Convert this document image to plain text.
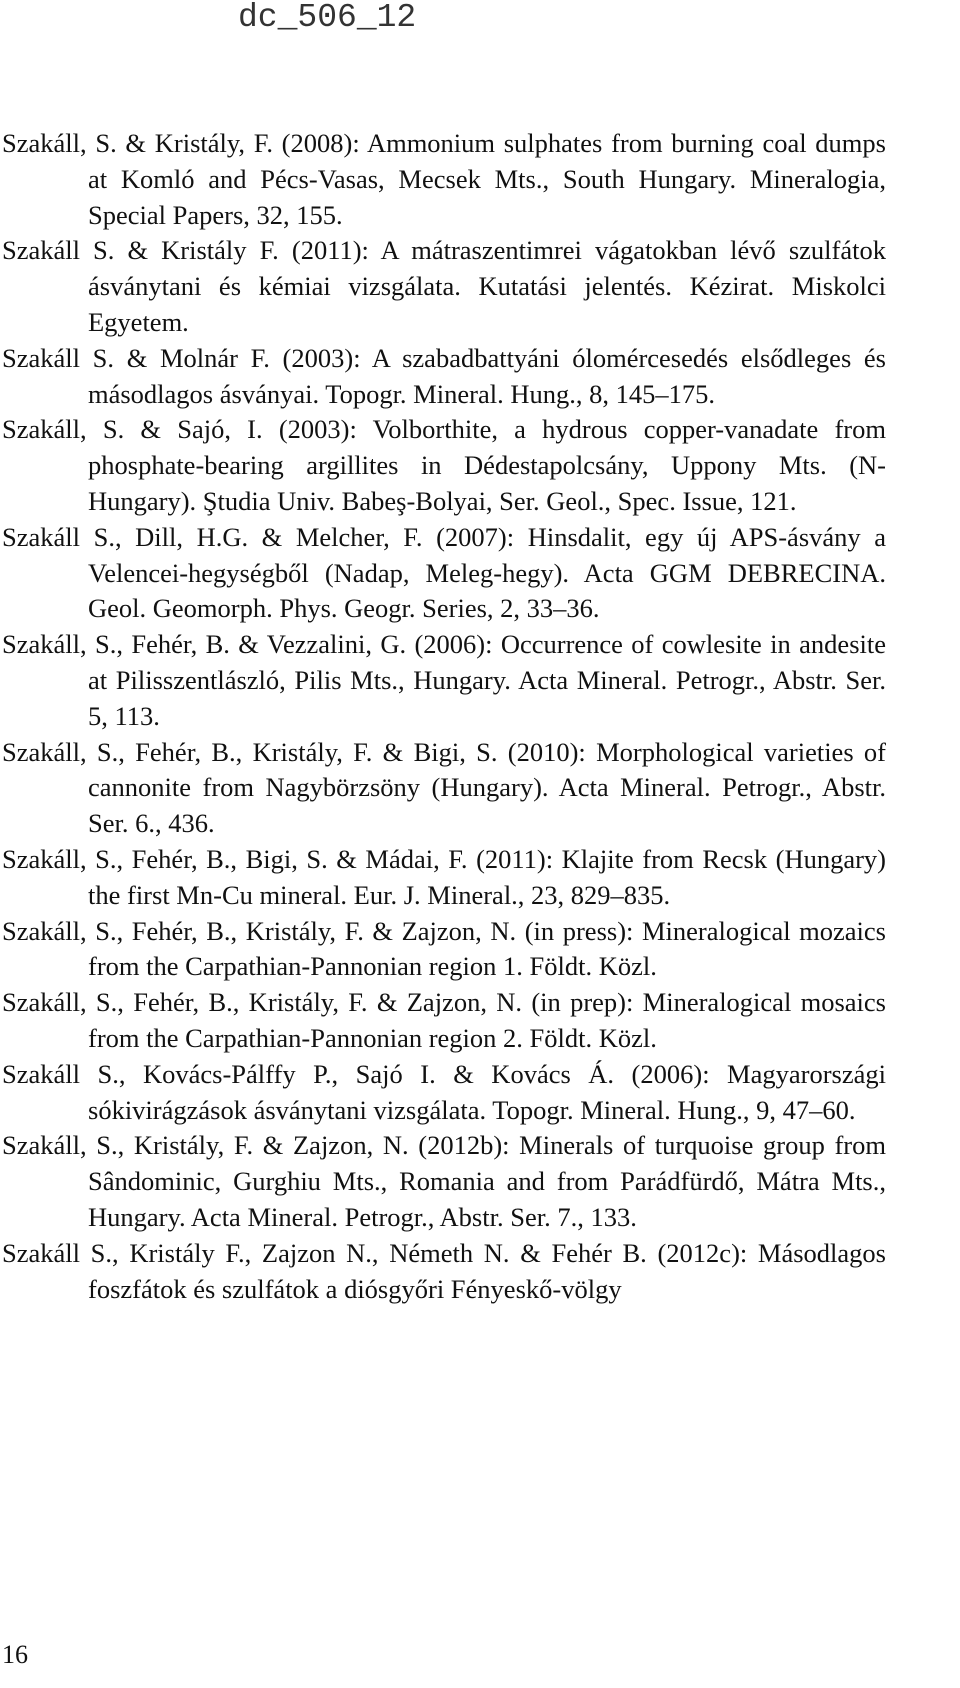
dc_506_12

Szakáll, S. & Kristály, F. (2008): Ammonium sulphates from burning coal dumps at Komló and Pécs-Vasas, Mecsek Mts., South Hungary. Mineralogia, Special Papers, 32, 155.

Szakáll S. & Kristály F. (2011): A mátraszentimrei vágatokban lévő szulfátok ásványtani és kémiai vizsgálata. Kutatási jelentés. Kézirat. Miskolci Egyetem.

Szakáll S. & Molnár F. (2003): A szabadbattyáni ólomércesedés elsődleges és másodlagos ásványai. Topogr. Mineral. Hung., 8, 145–175.

Szakáll, S. & Sajó, I. (2003): Volborthite, a hydrous copper-vanadate from phosphate-bearing argillites in Dédestapolcsány, Uppony Mts. (N-Hungary). Ştudia Univ. Babeş-Bolyai, Ser. Geol., Spec. Issue, 121.

Szakáll S., Dill, H.G. & Melcher, F. (2007): Hinsdalit, egy új APS-ásvány a Velencei-hegységből (Nadap, Meleg-hegy). Acta GGM DEBRECINA. Geol. Geomorph. Phys. Geogr. Series, 2, 33–36.

Szakáll, S., Fehér, B. & Vezzalini, G. (2006): Occurrence of cowlesite in andesite at Pilisszentlászló, Pilis Mts., Hungary. Acta Mineral. Petrogr., Abstr. Ser. 5, 113.

Szakáll, S., Fehér, B., Kristály, F. & Bigi, S. (2010): Morphological varieties of cannonite from Nagybörzsöny (Hungary). Acta Mineral. Petrogr., Abstr. Ser. 6., 436.

Szakáll, S., Fehér, B., Bigi, S. & Mádai, F. (2011): Klajite from Recsk (Hungary) the first Mn-Cu mineral. Eur. J. Mineral., 23, 829–835.

Szakáll, S., Fehér, B., Kristály, F. & Zajzon, N. (in press): Mineralogical mozaics from the Carpathian-Pannonian region 1. Földt. Közl.

Szakáll, S., Fehér, B., Kristály, F. & Zajzon, N. (in prep): Mineralogical mosaics from the Carpathian-Pannonian region 2. Földt. Közl.

Szakáll S., Kovács-Pálffy P., Sajó I. & Kovács Á. (2006): Magyarországi sókivirágzások ásványtani vizsgálata. Topogr. Mineral. Hung., 9, 47–60.

Szakáll, S., Kristály, F. & Zajzon, N. (2012b): Minerals of turquoise group from Sândominic, Gurghiu Mts., Romania and from Parádfürdő, Mátra Mts., Hungary. Acta Mineral. Petrogr., Abstr. Ser. 7., 133.

Szakáll S., Kristály F., Zajzon N., Németh N. & Fehér B. (2012c): Másodlagos foszfátok és szulfátok a diósgyőri Fényeskő-völgy

16
